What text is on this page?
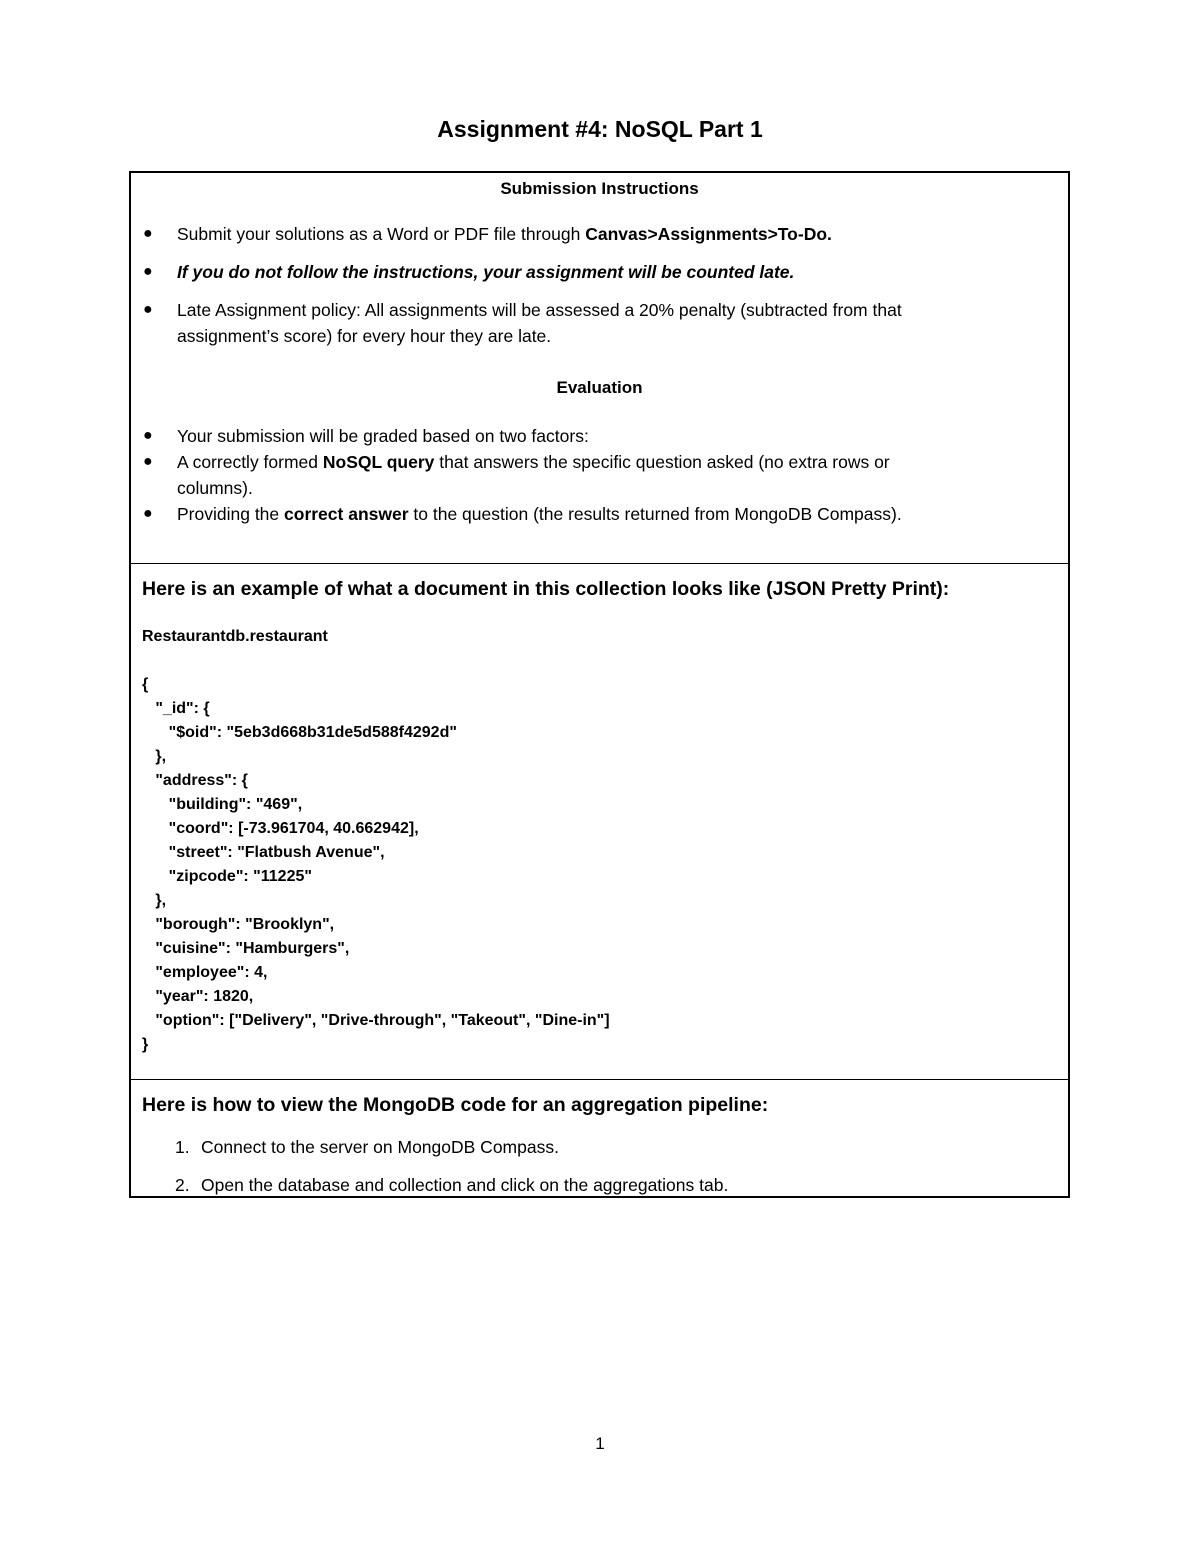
Assignment #4: NoSQL Part 1

Submission Instructions

● Submit your solutions as a Word or PDF file through Canvas>Assignments>To-Do.
● If you do not follow the instructions, your assignment will be counted late.
● Late Assignment policy: All assignments will be assessed a 20% penalty (subtracted from that
assignment’s score) for every hour they are late.

Evaluation

● Your submission will be graded based on two factors:
● A correctly formed NoSQL query that answers the specific question asked (no extra rows or
columns).
● Providing the correct answer to the question (the results returned from MongoDB Compass).

Here is an example of what a document in this collection looks like (JSON Pretty Print):

Restaurantdb.restaurant

{
"_id": {
"$oid": "5eb3d668b31de5d588f4292d"
},
"address": {
"building": "469",
"coord": [-73.961704, 40.662942],
"street": "Flatbush Avenue",
"zipcode": "11225"
},
"borough": "Brooklyn",
"cuisine": "Hamburgers",
"employee": 4,
"year": 1820,
"option": ["Delivery", "Drive-through", "Takeout", "Dine-in"]
}

Here is how to view the MongoDB code for an aggregation pipeline:

1. Connect to the server on MongoDB Compass.
2. Open the database and collection and click on the aggregations tab.
1
